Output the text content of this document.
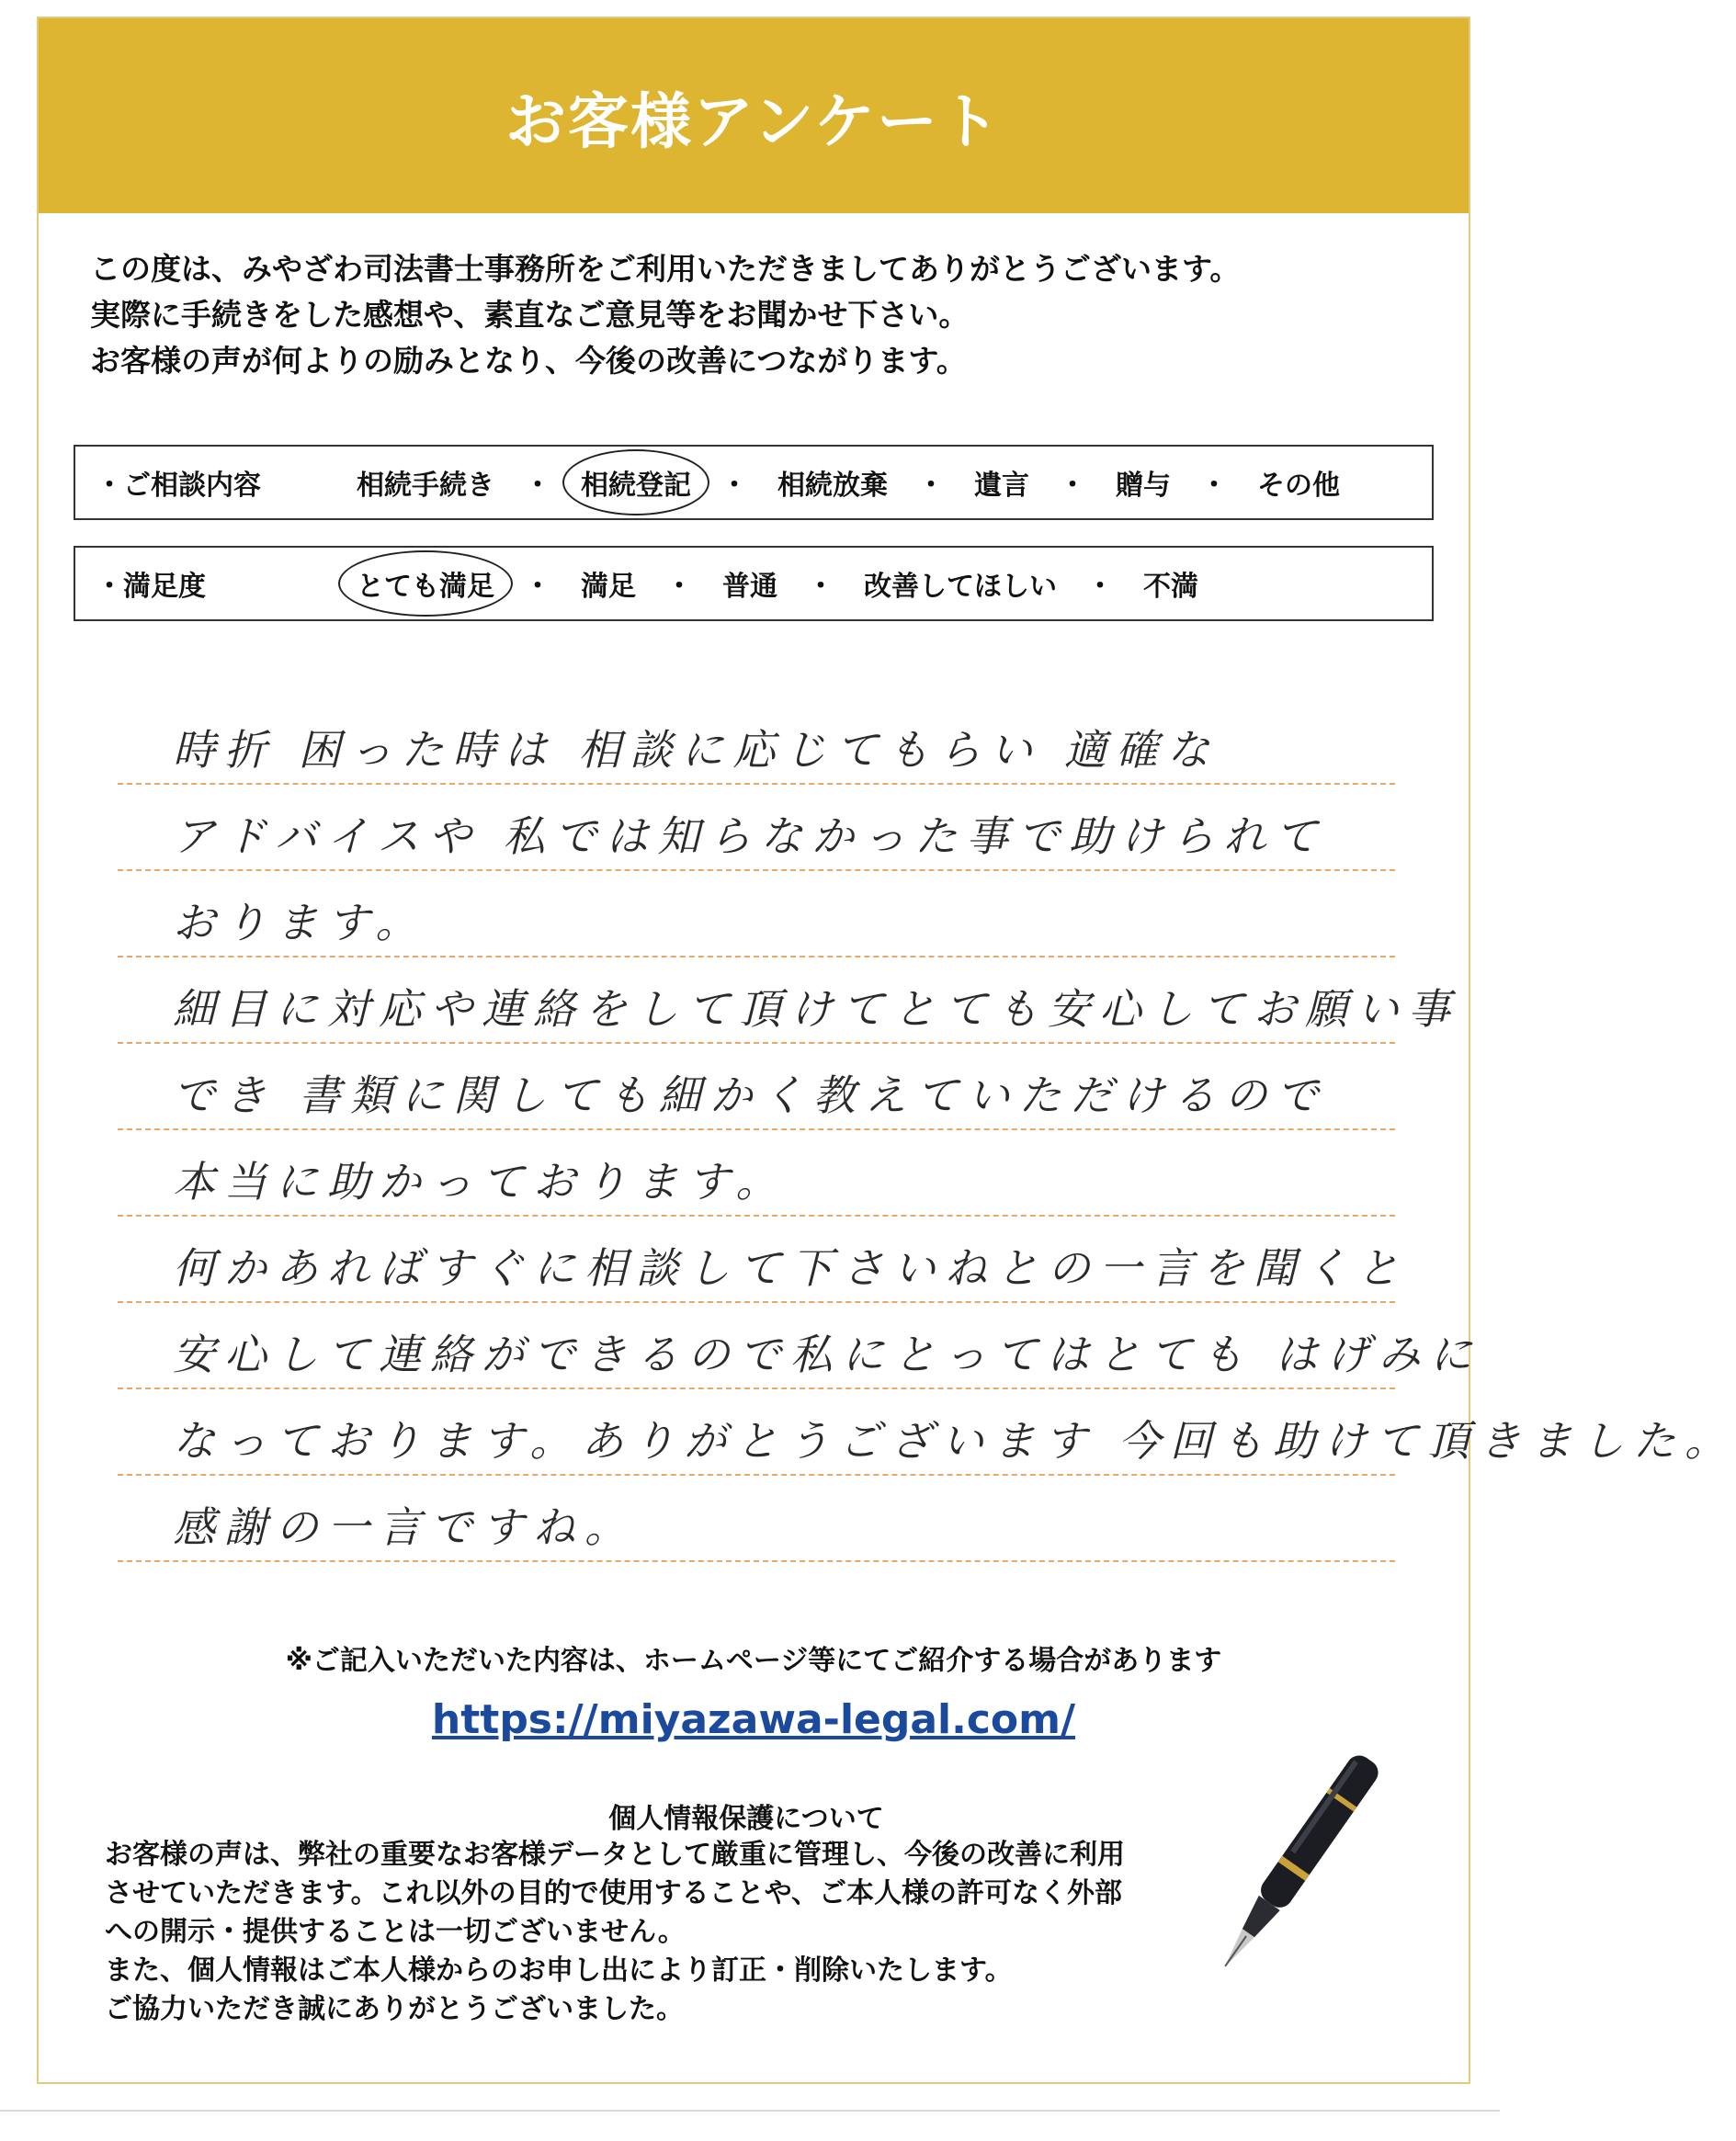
お客様アンケート
この度は、みやざわ司法書士事務所をご利用いただきましてありがとうございます。
実際に手続きをした感想や、素直なご意見等をお聞かせ下さい。
お客様の声が何よりの励みとなり、今後の改善につながります。
・ご相談内容	相続手続き	・	相続登記	・	相続放棄	・	遺言	・	贈与	・	その他
・満足度	とても満足	・	満足	・	普通	・	改善してほしい	・	不満
時折 困った時は 相談に応じてもらい 適確な
アドバイスや 私では知らなかった事で助けられて
おります。
細目に対応や連絡をして頂けてとても安心してお願い事
でき 書類に関しても細かく教えていただけるので
本当に助かっております。
何かあればすぐに相談して下さいねとの一言を聞くと
安心して連絡ができるので私にとってはとても はげみに
なっております。ありがとうございます 今回も助けて頂きました。
感謝の一言ですね。
※ご記入いただいた内容は、ホームページ等にてご紹介する場合があります
https://miyazawa-legal.com/
個人情報保護について
お客様の声は、弊社の重要なお客様データとして厳重に管理し、今後の改善に利用
させていただきます。これ以外の目的で使用することや、ご本人様の許可なく外部
への開示・提供することは一切ございません。
また、個人情報はご本人様からのお申し出により訂正・削除いたします。
ご協力いただき誠にありがとうございました。
